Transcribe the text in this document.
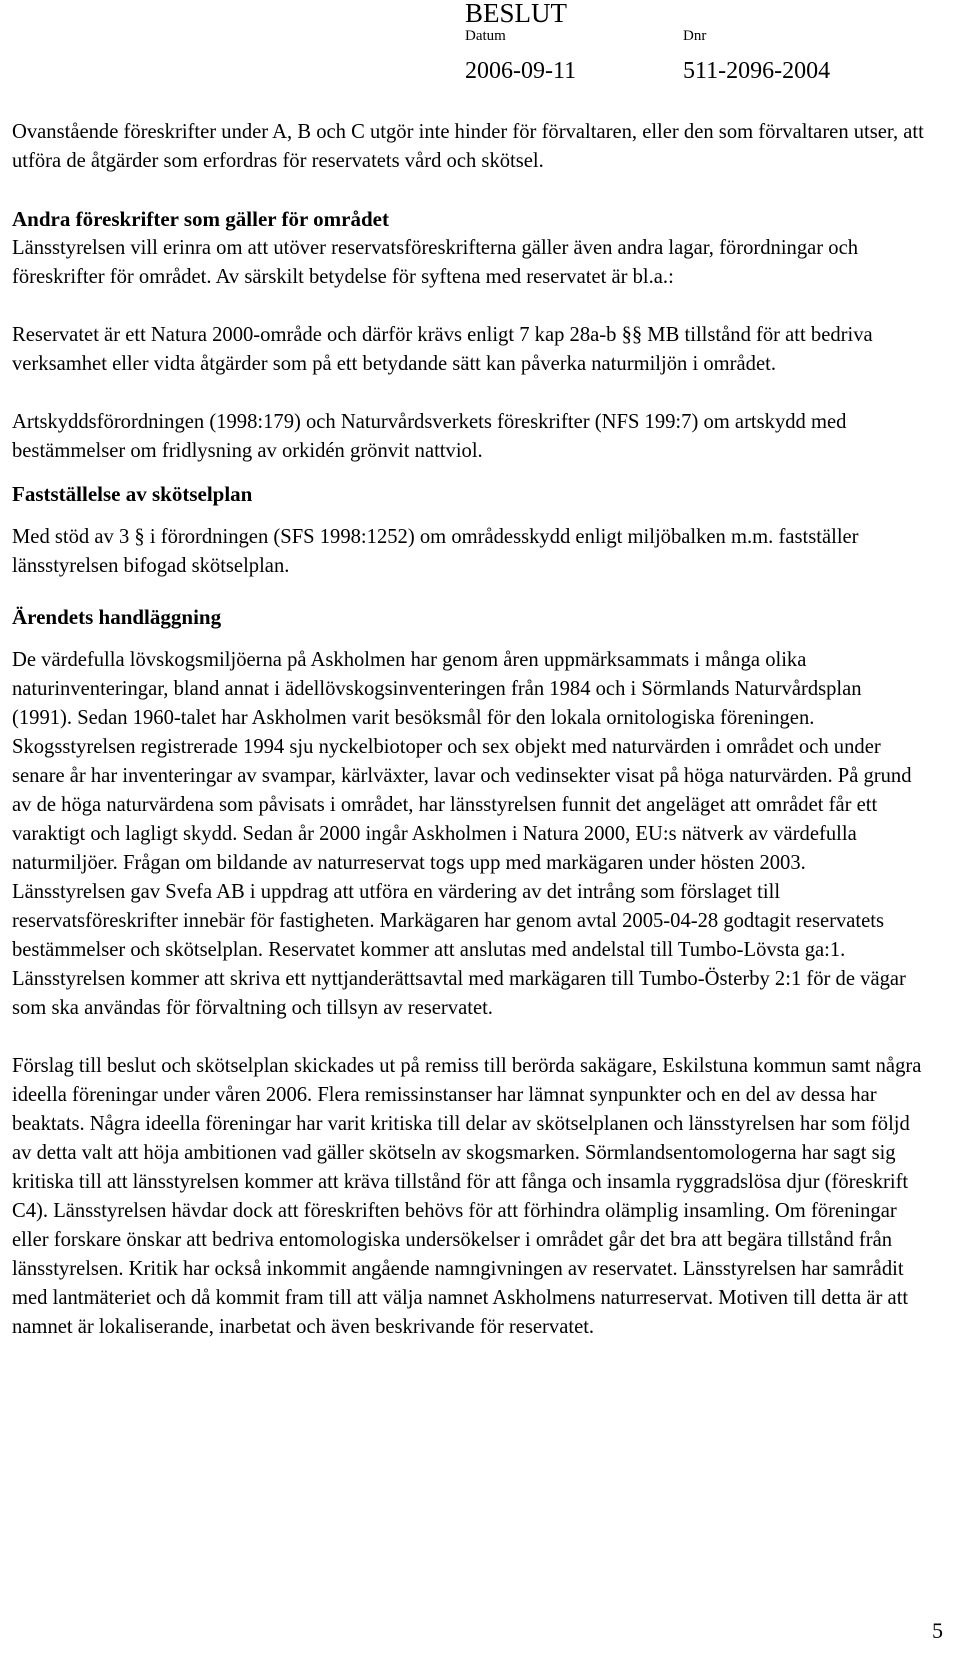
BESLUT
Datum	Dnr
2006-09-11	511-2096-2004

Ovanstående föreskrifter under A, B och C utgör inte hinder för förvaltaren, eller den som förvaltaren utser, att utföra de åtgärder som erfordras för reservatets vård och skötsel.

Andra föreskrifter som gäller för området

Länsstyrelsen vill erinra om att utöver reservatsföreskrifterna gäller även andra lagar, förordningar och föreskrifter för området. Av särskilt betydelse för syftena med reservatet är bl.a.:

Reservatet är ett Natura 2000-område och därför krävs enligt 7 kap 28a-b §§ MB tillstånd för att bedriva verksamhet eller vidta åtgärder som på ett betydande sätt kan påverka naturmiljön i området.

Artskyddsförordningen (1998:179) och Naturvårdsverkets föreskrifter (NFS 199:7) om artskydd med bestämmelser om fridlysning av orkidén grönvit nattviol.

Fastställelse av skötselplan

Med stöd av 3 § i förordningen (SFS 1998:1252) om områdesskydd enligt miljöbalken m.m. fastställer länsstyrelsen bifogad skötselplan.

Ärendets handläggning

De värdefulla lövskogsmiljöerna på Askholmen har genom åren uppmärksammats i många olika naturinventeringar, bland annat i ädellövskogsinventeringen från 1984 och i Sörmlands Naturvårdsplan (1991). Sedan 1960-talet har Askholmen varit besöksmål för den lokala ornitologiska föreningen. Skogsstyrelsen registrerade 1994 sju nyckelbiotoper och sex objekt med naturvärden i området och under senare år har inventeringar av svampar, kärlväxter, lavar och vedinsekter visat på höga naturvärden. På grund av de höga naturvärdena som påvisats i området, har länsstyrelsen funnit det angeläget att området får ett varaktigt och lagligt skydd. Sedan år 2000 ingår Askholmen i Natura 2000, EU:s nätverk av värdefulla naturmiljöer. Frågan om bildande av naturreservat togs upp med markägaren under hösten 2003. Länsstyrelsen gav Svefa AB i uppdrag att utföra en värdering av det intrång som förslaget till reservatsföreskrifter innebär för fastigheten. Markägaren har genom avtal 2005-04-28 godtagit reservatets bestämmelser och skötselplan. Reservatet kommer att anslutas med andelstal till Tumbo-Lövsta ga:1. Länsstyrelsen kommer att skriva ett nyttjanderättsavtal med markägaren till Tumbo-Österby 2:1 för de vägar som ska användas för förvaltning och tillsyn av reservatet.

Förslag till beslut och skötselplan skickades ut på remiss till berörda sakägare, Eskilstuna kommun samt några ideella föreningar under våren 2006. Flera remissinstanser har lämnat synpunkter och en del av dessa har beaktats. Några ideella föreningar har varit kritiska till delar av skötselplanen och länsstyrelsen har som följd av detta valt att höja ambitionen vad gäller skötseln av skogsmarken. Sörmlandsentomologerna har sagt sig kritiska till att länsstyrelsen kommer att kräva tillstånd för att fånga och insamla ryggradslösa djur (föreskrift C4). Länsstyrelsen hävdar dock att föreskriften behövs för att förhindra olämplig insamling. Om föreningar eller forskare önskar att bedriva entomologiska undersökelser i området går det bra att begära tillstånd från länsstyrelsen. Kritik har också inkommit angående namngivningen av reservatet. Länsstyrelsen har samrådit med lantmäteriet och då kommit fram till att välja namnet Askholmens naturreservat. Motiven till detta är att namnet är lokaliserande, inarbetat och även beskrivande för reservatet.

5
